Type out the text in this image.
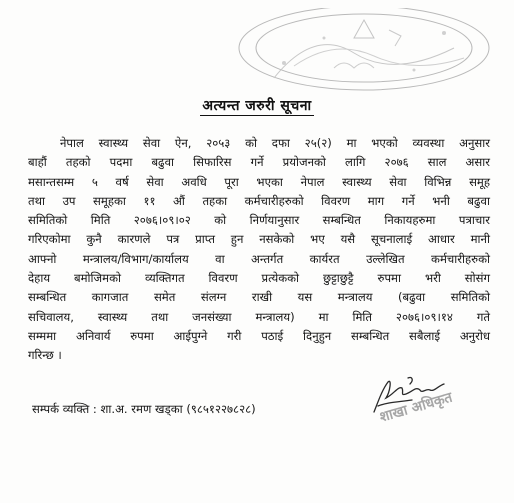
अत्यन्त जरुरी सूचना
नेपाल स्वास्थ्य सेवा ऐन, २०५३ को दफा २५(२) मा भएको व्यवस्था अनुसार
बाहौं तहको पदमा बढुवा सिफारिस गर्ने प्रयोजनको लागि २०७६ साल असार
मसान्तसम्म ५ वर्ष सेवा अवधि पूरा भएका नेपाल स्वास्थ्य सेवा विभिन्न समूह
तथा उप समूहका ११ औं तहका कर्मचारीहरुको विवरण माग गर्ने भनी बढुवा
समितिको मिति २०७६।०९।०२ को निर्णयानुसार सम्बन्धित निकायहरुमा पत्राचार
गरिएकोमा कुनै कारणले पत्र प्राप्त हुन नसकेको भए यसै सूचनालाई आधार मानी
आफ्नो मन्त्रालय/विभाग/कार्यालय वा अन्तर्गत कार्यरत उल्लेखित कर्मचारीहरुको
देहाय बमोजिमको व्यक्तिगत विवरण प्रत्येकको छुट्टाछुट्टै रुपमा भरी सोसंग
सम्बन्धित कागजात समेत संलग्न राखी यस मन्त्रालय (बढुवा समितिको
सचिवालय, स्वास्थ्य तथा जनसंख्या मन्त्रालय) मा मिति २०७६।०९।१४ गते
सम्ममा अनिवार्य रुपमा आईपुग्ने गरी पठाई दिनुहुन सम्बन्धित सबैलाई अनुरोध
गरिन्छ ।
सम्पर्क व्यक्ति : शा.अ. रमण खड्का (९८५१२२७८२८)	शाखा अधिकृत
